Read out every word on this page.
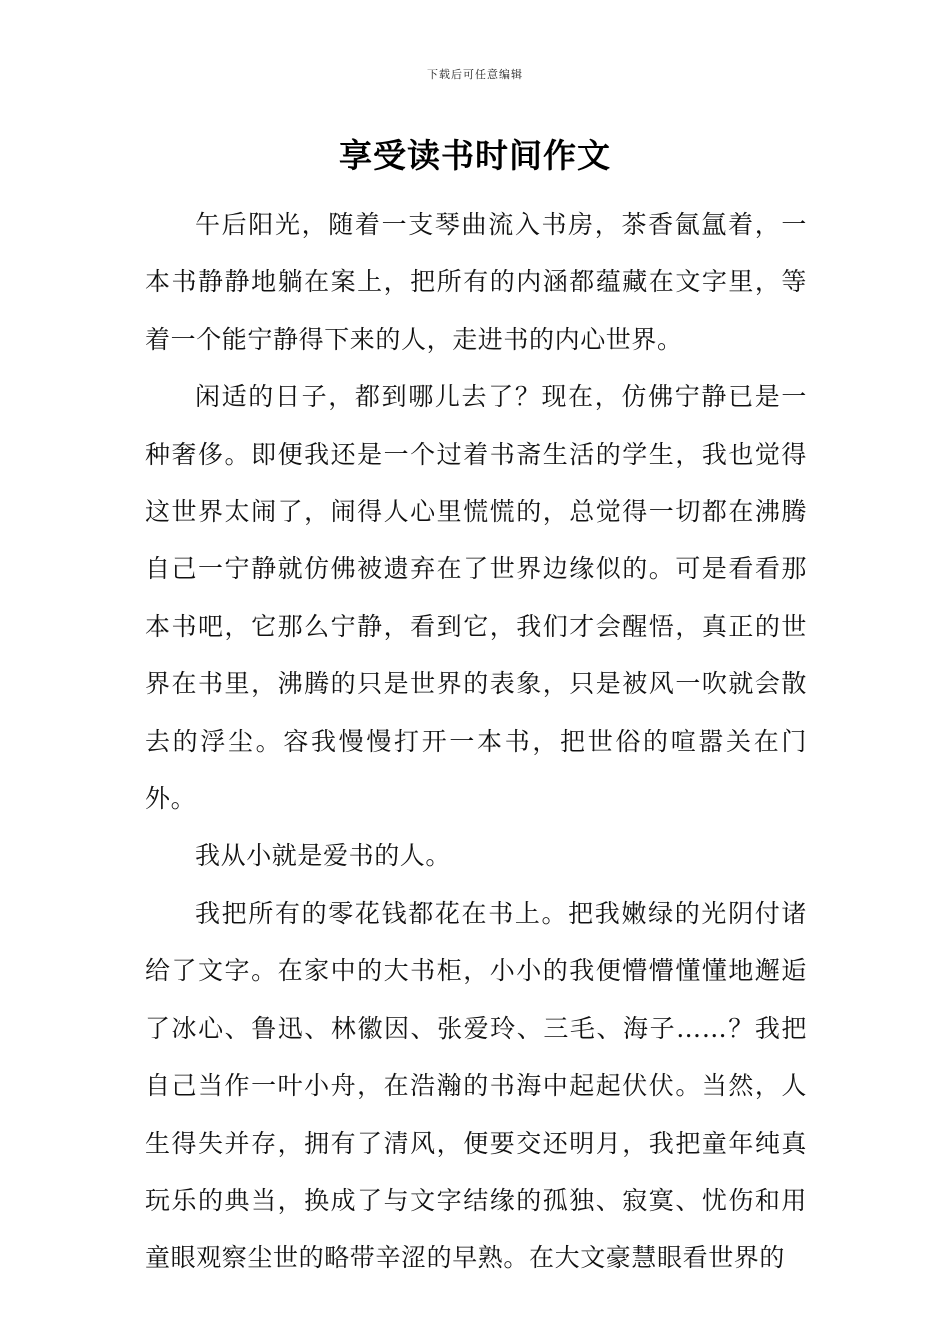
下载后可任意编辑
享受读书时间作文

午后阳光，随着一支琴曲流入书房，茶香氤氲着，一本书静静地躺在案上，把所有的内涵都蕴藏在文字里，等着一个能宁静得下来的人，走进书的内心世界。

闲适的日子，都到哪儿去了？现在，仿佛宁静已是一种奢侈。即便我还是一个过着书斋生活的学生，我也觉得这世界太闹了，闹得人心里慌慌的，总觉得一切都在沸腾自己一宁静就仿佛被遗弃在了世界边缘似的。可是看看那本书吧，它那么宁静，看到它，我们才会醒悟，真正的世界在书里，沸腾的只是世界的表象，只是被风一吹就会散去的浮尘。容我慢慢打开一本书，把世俗的喧嚣关在门外。

我从小就是爱书的人。

我把所有的零花钱都花在书上。把我嫩绿的光阴付诸给了文字。在家中的大书柜，小小的我便懵懵懂懂地邂逅了冰心、鲁迅、林徽因、张爱玲、三毛、海子……？我把自己当作一叶小舟，在浩瀚的书海中起起伏伏。当然，人生得失并存，拥有了清风，便要交还明月，我把童年纯真玩乐的典当，换成了与文字结缘的孤独、寂寞、忧伤和用童眼观察尘世的略带辛涩的早熟。在大文豪慧眼看世界的
